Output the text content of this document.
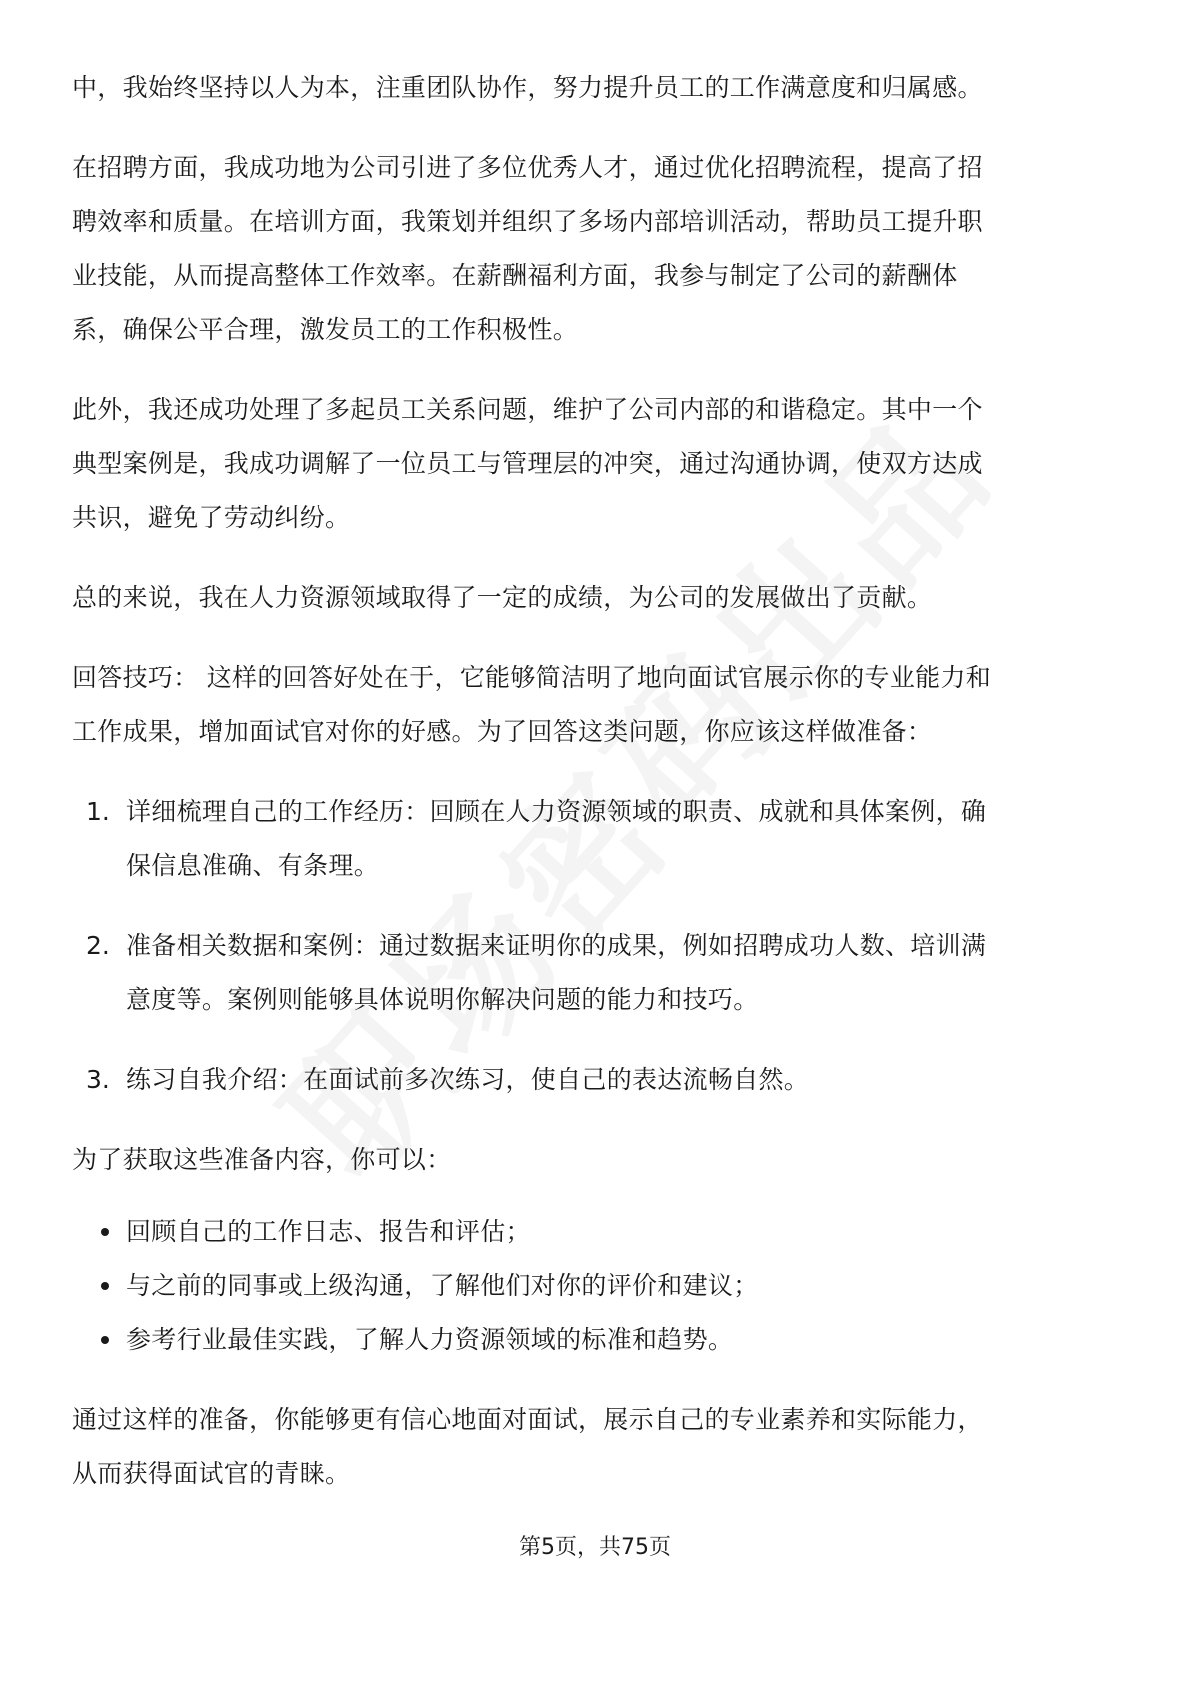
中，我始终坚持以人为本，注重团队协作，努力提升员工的工作满意度和归属感。
在招聘方面，我成功地为公司引进了多位优秀人才，通过优化招聘流程，提高了招
聘效率和质量。在培训方面，我策划并组织了多场内部培训活动，帮助员工提升职
业技能，从而提高整体工作效率。在薪酬福利方面，我参与制定了公司的薪酬体
系，确保公平合理，激发员工的工作积极性。
此外，我还成功处理了多起员工关系问题，维护了公司内部的和谐稳定。其中一个
典型案例是，我成功调解了一位员工与管理层的冲突，通过沟通协调，使双方达成
共识，避免了劳动纠纷。
总的来说，我在人力资源领域取得了一定的成绩，为公司的发展做出了贡献。
回答技巧： 这样的回答好处在于，它能够简洁明了地向面试官展示你的专业能力和
工作成果，增加面试官对你的好感。为了回答这类问题，你应该这样做准备：
1. 详细梳理自己的工作经历：回顾在人力资源领域的职责、成就和具体案例，确
保信息准确、有条理。
2. 准备相关数据和案例：通过数据来证明你的成果，例如招聘成功人数、培训满
意度等。案例则能够具体说明你解决问题的能力和技巧。
3. 练习自我介绍：在面试前多次练习，使自己的表达流畅自然。
为了获取这些准备内容，你可以：
回顾自己的工作日志、报告和评估；
与之前的同事或上级沟通，了解他们对你的评价和建议；
参考行业最佳实践，了解人力资源领域的标准和趋势。
通过这样的准备，你能够更有信心地面对面试，展示自己的专业素养和实际能力，
从而获得面试官的青睐。
第5页，共75页
